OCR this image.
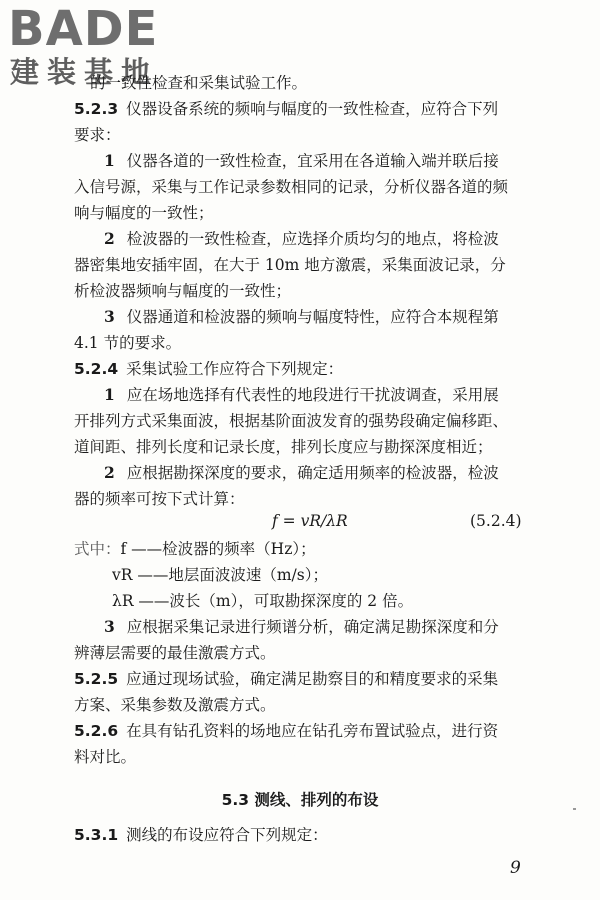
BADE
建装基地
的一致性检查和采集试验工作。
5.2.3 仪器设备系统的频响与幅度的一致性检查，应符合下列
要求：
1 仪器各道的一致性检查，宜采用在各道输入端并联后接
入信号源，采集与工作记录参数相同的记录，分析仪器各道的频
响与幅度的一致性；
2 检波器的一致性检查，应选择介质均匀的地点，将检波
器密集地安插牢固，在大于 10m 地方激震，采集面波记录，分
析检波器频响与幅度的一致性；
3 仪器通道和检波器的频响与幅度特性，应符合本规程第
4.1 节的要求。
5.2.4 采集试验工作应符合下列规定：
1 应在场地选择有代表性的地段进行干扰波调查，采用展
开排列方式采集面波，根据基阶面波发育的强势段确定偏移距、
道间距、排列长度和记录长度，排列长度应与勘探深度相近；
2 应根据勘探深度的要求，确定适用频率的检波器，检波
器的频率可按下式计算：
f = vR/λR	(5.2.4)
式中：f ——检波器的频率（Hz）；
vR ——地层面波波速（m/s）；
λR ——波长（m），可取勘探深度的 2 倍。
3 应根据采集记录进行频谱分析，确定满足勘探深度和分
辨薄层需要的最佳激震方式。
5.2.5 应通过现场试验，确定满足勘察目的和精度要求的采集
方案、采集参数及激震方式。
5.2.6 在具有钻孔资料的场地应在钻孔旁布置试验点，进行资
料对比。
5.3 测线、排列的布设
5.3.1 测线的布设应符合下列规定：
9
